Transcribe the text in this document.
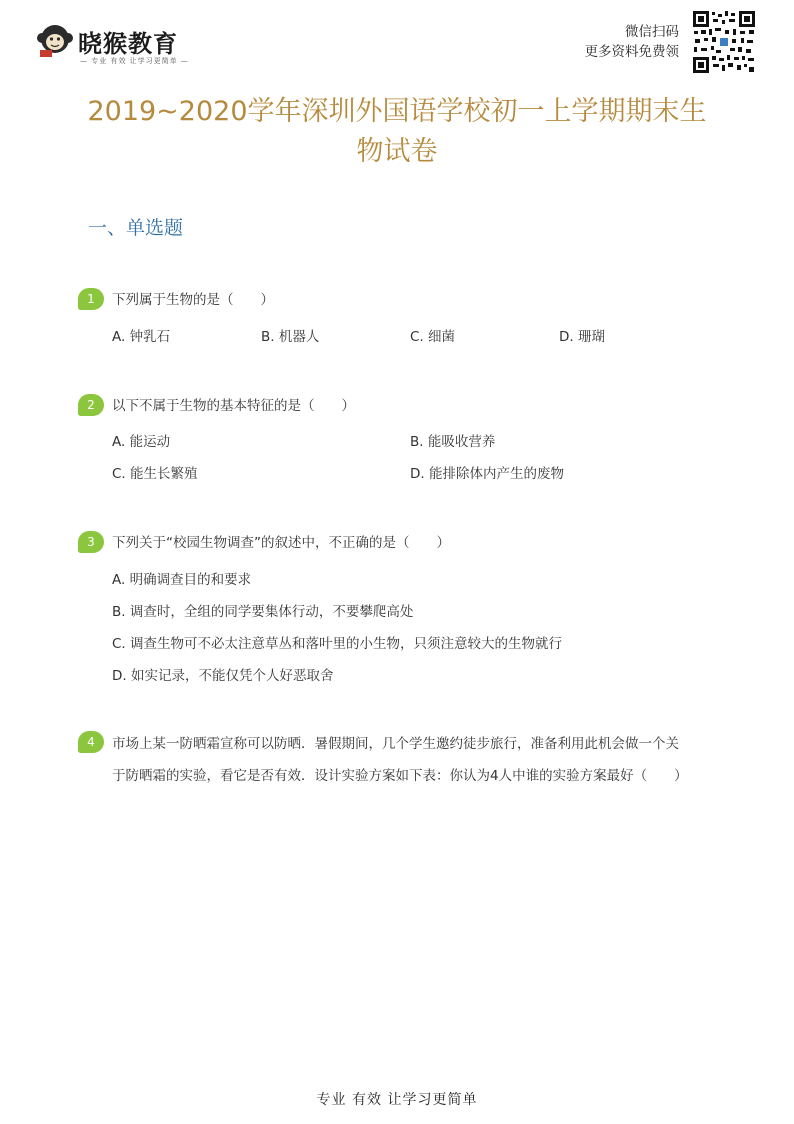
晓猴教育
— 专业 有效 让学习更简单 —
微信扫码
更多资料免费领
2019~2020学年深圳外国语学校初一上学期期末生
物试卷
一、单选题
1	下列属于生物的是（　　）
A. 钟乳石	B. 机器人	C. 细菌	D. 珊瑚
2	以下不属于生物的基本特征的是（　　）
A. 能运动	B. 能吸收营养
C. 能生长繁殖	D. 能排除体内产生的废物
3	下列关于“校园生物调查”的叙述中，不正确的是（　　）
A. 明确调查目的和要求
B. 调查时，全组的同学要集体行动，不要攀爬高处
C. 调查生物可不必太注意草丛和落叶里的小生物，只须注意较大的生物就行
D. 如实记录，不能仅凭个人好恶取舍
4	市场上某一防晒霜宣称可以防晒．暑假期间，几个学生邀约徒步旅行，准备利用此机会做一个关
于防晒霜的实验，看它是否有效．设计实验方案如下表：你认为4人中谁的实验方案最好（　　）
专业 有效 让学习更简单
